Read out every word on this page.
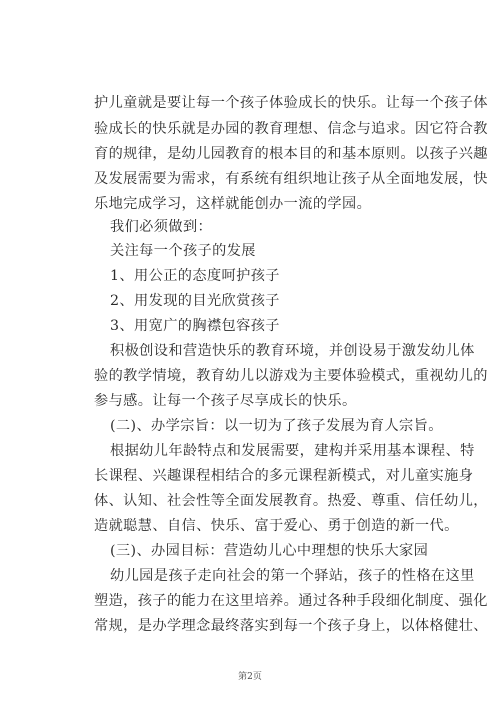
护儿童就是要让每一个孩子体验成长的快乐。让每一个孩子体
验成长的快乐就是办园的教育理想、信念与追求。因它符合教
育的规律，是幼儿园教育的根本目的和基本原则。以孩子兴趣
及发展需要为需求，有系统有组织地让孩子从全面地发展，快
乐地完成学习，这样就能创办一流的学园。
我们必须做到：
关注每一个孩子的发展
1、用公正的态度呵护孩子
2、用发现的目光欣赏孩子
3、用宽广的胸襟包容孩子
积极创设和营造快乐的教育环境，并创设易于激发幼儿体
验的教学情境，教育幼儿以游戏为主要体验模式，重视幼儿的
参与感。让每一个孩子尽享成长的快乐。
(二)、办学宗旨：以一切为了孩子发展为育人宗旨。
根据幼儿年龄特点和发展需要，建构并采用基本课程、特
长课程、兴趣课程相结合的多元课程新模式，对儿童实施身
体、认知、社会性等全面发展教育。热爱、尊重、信任幼儿，
造就聪慧、自信、快乐、富于爱心、勇于创造的新一代。
(三)、办园目标：营造幼儿心中理想的快乐大家园
幼儿园是孩子走向社会的第一个驿站，孩子的性格在这里
塑造，孩子的能力在这里培养。通过各种手段细化制度、强化
常规，是办学理念最终落实到每一个孩子身上，以体格健壮、
第2页
